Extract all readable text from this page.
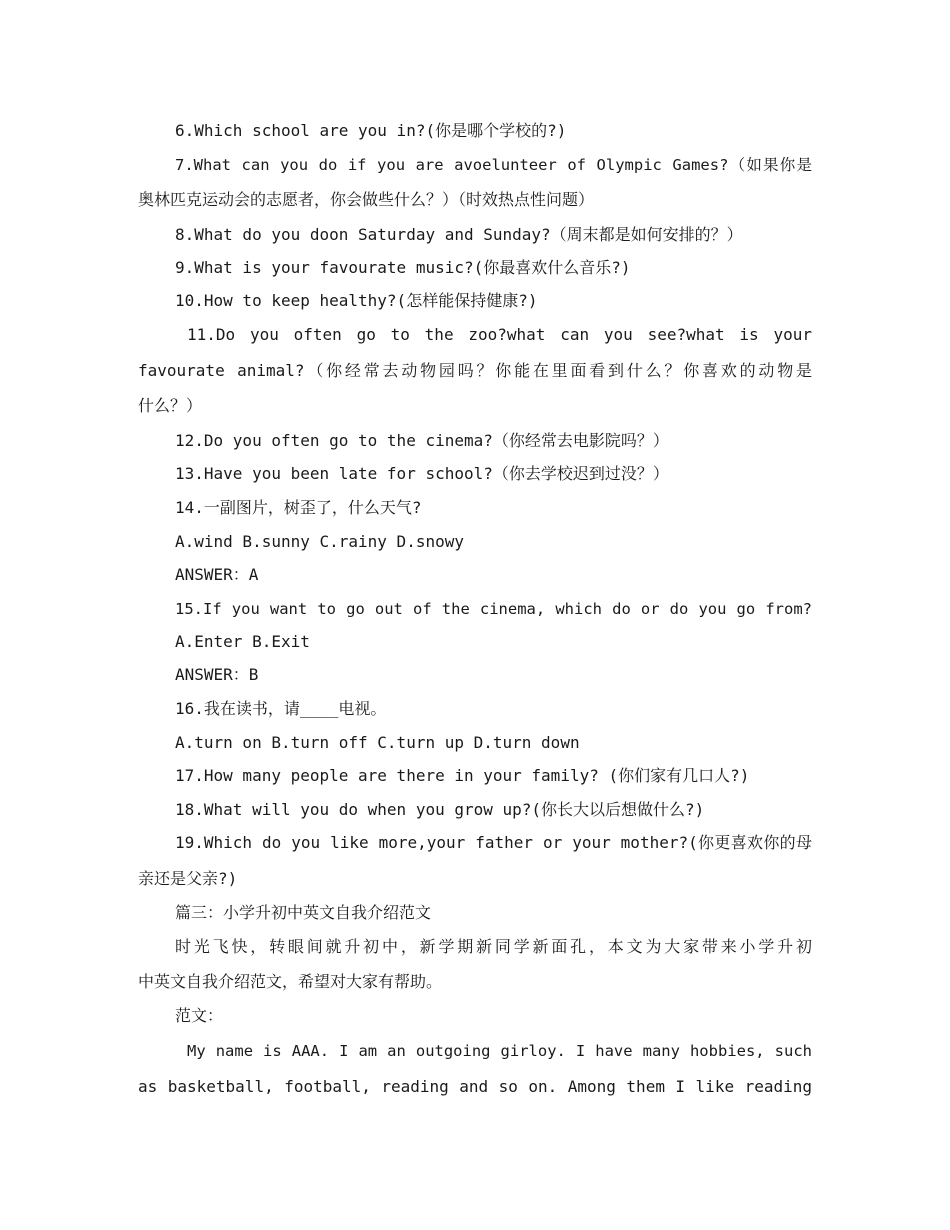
6.Which school are you in?(你是哪个学校的?)
7.What can you do if you are avoelunteer of Olympic Games?（如果你是
奥林匹克运动会的志愿者，你会做些什么？）（时效热点性问题）
8.What do you doon Saturday and Sunday?（周末都是如何安排的？）
9.What is your favourate music?(你最喜欢什么音乐?)
10.How to keep healthy?(怎样能保持健康?)
11.Do you often go to the zoo?what can you see?what is your
favourate animal?（你经常去动物园吗？你能在里面看到什么？你喜欢的动物是
什么？）
12.Do you often go to the cinema?（你经常去电影院吗？）
13.Have you been late for school?（你去学校迟到过没？）
14.一副图片，树歪了，什么天气?
A.wind B.sunny C.rainy D.snowy
ANSWER：A
15.If you want to go out of the cinema, which do or do you go from?
A.Enter B.Exit
ANSWER：B
16.我在读书，请____电视。
A.turn on B.turn off C.turn up D.turn down
17.How many people are there in your family? (你们家有几口人?)
18.What will you do when you grow up?(你长大以后想做什么?)
19.Which do you like more,your father or your mother?(你更喜欢你的母
亲还是父亲?)
篇三：小学升初中英文自我介绍范文
时光飞快，转眼间就升初中，新学期新同学新面孔，本文为大家带来小学升初
中英文自我介绍范文，希望对大家有帮助。
范文：
My name is AAA. I am an outgoing girloy. I have many hobbies, such
as basketball, football, reading and so on. Among them I like reading
